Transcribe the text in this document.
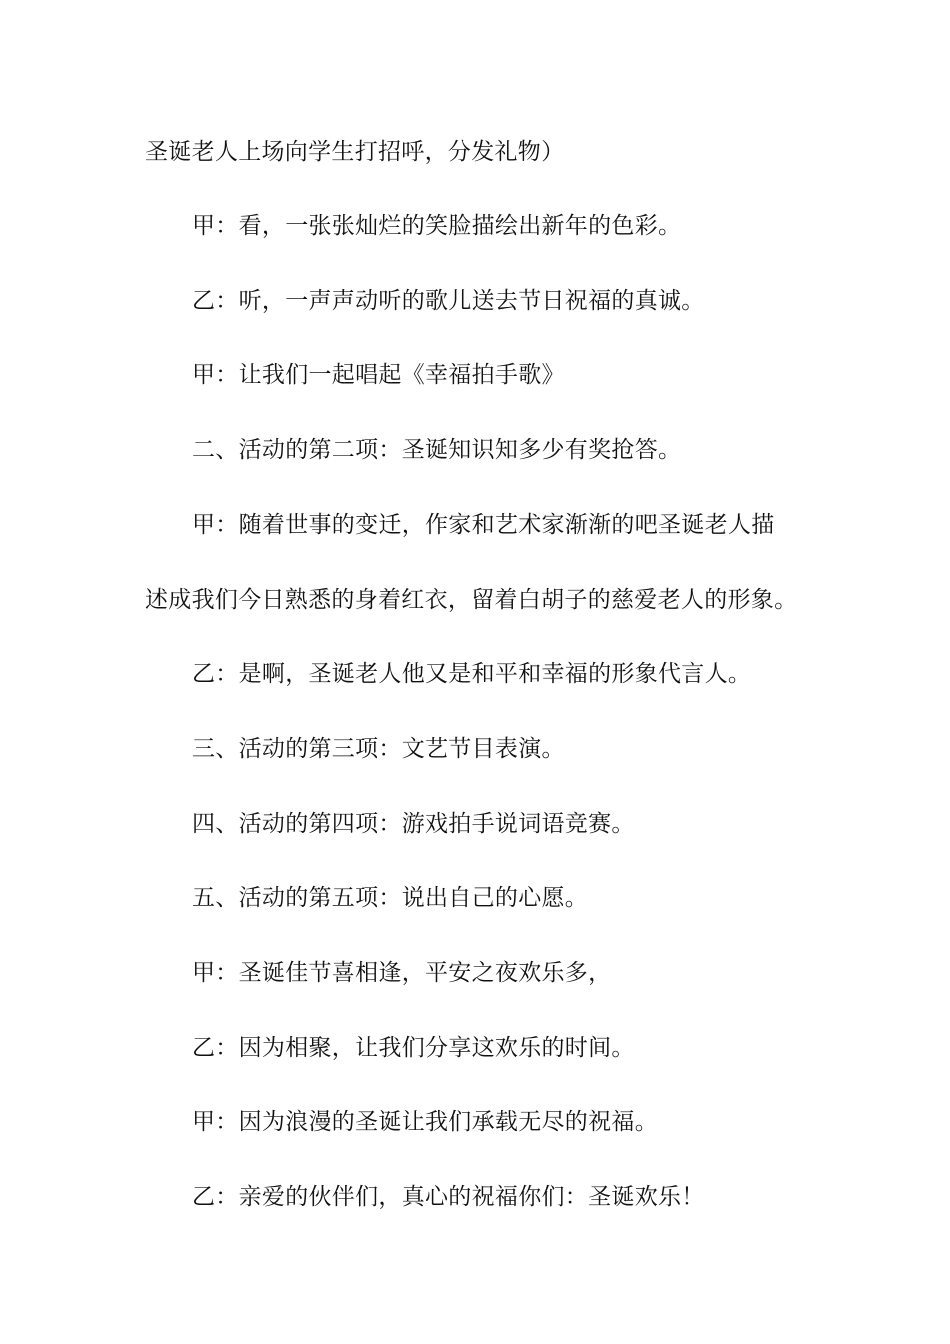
圣诞老人上场向学生打招呼，分发礼物）
甲：看，一张张灿烂的笑脸描绘出新年的色彩。
乙：听，一声声动听的歌儿送去节日祝福的真诚。
甲：让我们一起唱起《幸福拍手歌》
二、活动的第二项：圣诞知识知多少有奖抢答。
甲：随着世事的变迁，作家和艺术家渐渐的吧圣诞老人描
述成我们今日熟悉的身着红衣，留着白胡子的慈爱老人的形象。
乙：是啊，圣诞老人他又是和平和幸福的形象代言人。
三、活动的第三项：文艺节目表演。
四、活动的第四项：游戏拍手说词语竞赛。
五、活动的第五项：说出自己的心愿。
甲：圣诞佳节喜相逢，平安之夜欢乐多，
乙：因为相聚，让我们分享这欢乐的时间。
甲：因为浪漫的圣诞让我们承载无尽的祝福。
乙：亲爱的伙伴们，真心的祝福你们：圣诞欢乐！
